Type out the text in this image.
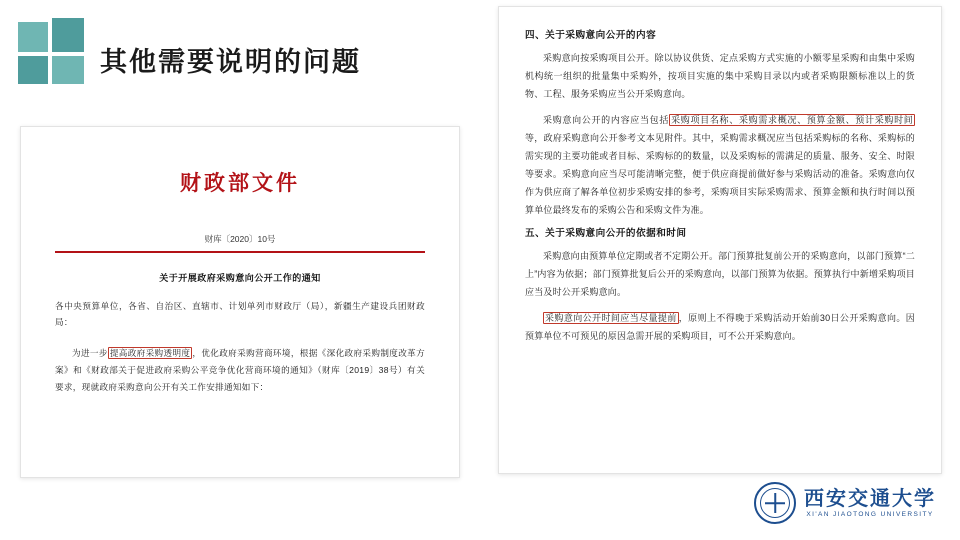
其他需要说明的问题
财政部文件
财库〔2020〕10号
关于开展政府采购意向公开工作的通知

各中央预算单位，各省、自治区、直辖市、计划单列市财政厅（局），新疆生产建设兵团财政局：

为进一步 提高政府采购透明度 ，优化政府采购营商环境，根据《深化政府采购制度改革方案》和《财政部关于促进政府采购公平竞争优化营商环境的通知》（财库〔2019〕38号）有关要求，现就政府采购意向公开有关工作安排通知如下：

四、关于采购意向公开的内容

采购意向按采购项目公开。除以协议供货、定点采购方式实施的小额零星采购和由集中采购机构统一组织的批量集中采购外，按项目实施的集中采购目录以内或者采购限额标准以上的货物、工程、服务采购应当公开采购意向。

采购意向公开的内容应当包括 采购项目名称、采购需求概况、预算金额、预计采购时间等，政府采购意向公开参考文本见附件。其中，采购需求概况应当包括采购标的名称、采购标的需实现的主要功能或者目标、采购标的的数量，以及采购标的需满足的质量、服务、安全、时限等要求。采购意向应当尽可能清晰完整，便于供应商提前做好参与采购活动的准备。采购意向仅作为供应商了解各单位初步采购安排的参考，采购项目实际采购需求、预算金额和执行时间以预算单位最终发布的采购公告和采购文件为准。

五、关于采购意向公开的依据和时间

采购意向由预算单位定期或者不定期公开。部门预算批复前公开的采购意向，以部门预算“二上”内容为依据；部门预算批复后公开的采购意向，以部门预算为依据。预算执行中新增采购项目应当及时公开采购意向。

采购意向公开时间应当尽量提前 ，原则上不得晚于采购活动开始前30日公开采购意向。因预算单位不可预见的原因急需开展的采购项目，可不公开采购意向。

西安交通大学
XI'AN JIAOTONG UNIVERSITY
